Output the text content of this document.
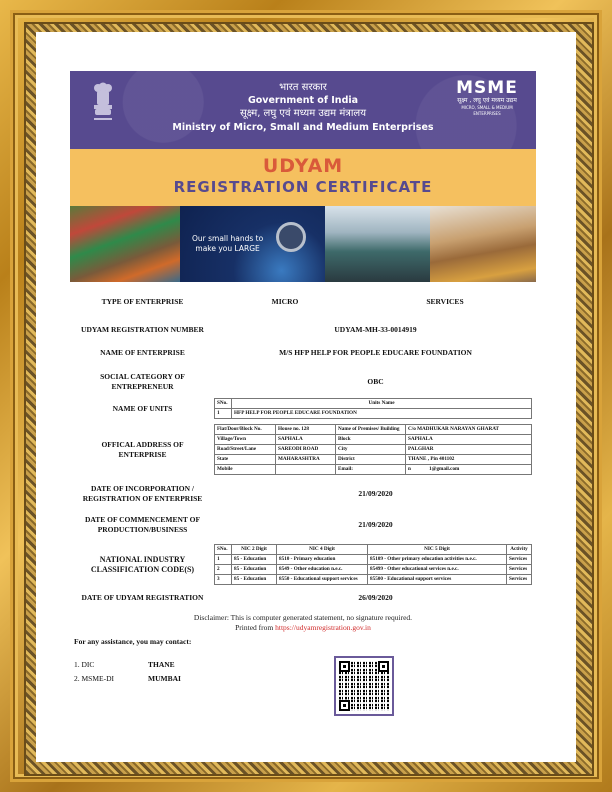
भारत सरकार
Government of India
सूक्ष्म, लघु एवं मध्यम उद्यम मंत्रालय
Ministry of Micro, Small and Medium Enterprises
MSME
सूक्ष्म , लघु एवं मध्यम उद्यम
MICRO, SMALL & MEDIUM ENTERPRISES
UDYAM
REGISTRATION CERTIFICATE
Our small hands to
make you LARGE
TYPE OF ENTERPRISE	MICRO	SERVICES
UDYAM REGISTRATION NUMBER	UDYAM-MH-33-0014919
NAME OF ENTERPRISE	M/S HFP HELP FOR PEOPLE EDUCARE FOUNDATION
SOCIAL CATEGORY OF
ENTREPRENEUR
OBC
NAME OF UNITS
SNo.	Units Name
1	HFP HELP FOR PEOPLE EDUCARE FOUNDATION
OFFICAL ADDRESS OF
ENTERPRISE
Flat/Door/Block No.	House no. 128	Name of Premises/ Building	C/o MADHUKAR NARAYAN GHARAT
Village/Town	SAPHALA	Block	SAPHALA
Road/Street/Lane	SAREODI ROAD	City	PALGHAR
State	MAHARASHTRA	District	THANE , Pin 401102
Mobile		Email:	n              1@gmail.com
DATE OF INCORPORATION /
REGISTRATION OF ENTERPRISE
21/09/2020
DATE OF COMMENCEMENT OF
PRODUCTION/BUSINESS
21/09/2020
NATIONAL INDUSTRY
CLASSIFICATION CODE(S)
SNo.	NIC 2 Digit	NIC 4 Digit	NIC 5 Digit	Activity
1	85 - Education	8510 - Primary education	85109 - Other primary education activities n.e.c.	Services
2	85 - Education	8549 - Other education n.e.c.	85499 - Other educational services n.e.c.	Services
3	85 - Education	8550 - Educational support services	85500 - Educational support services	Services
DATE OF UDYAM REGISTRATION	26/09/2020
Disclaimer: This is computer generated statement, no signature required.
Printed from https://udyamregistration.gov.in
For any assistance, you may contact:
1. DIC	THANE
2. MSME-DI	MUMBAI
